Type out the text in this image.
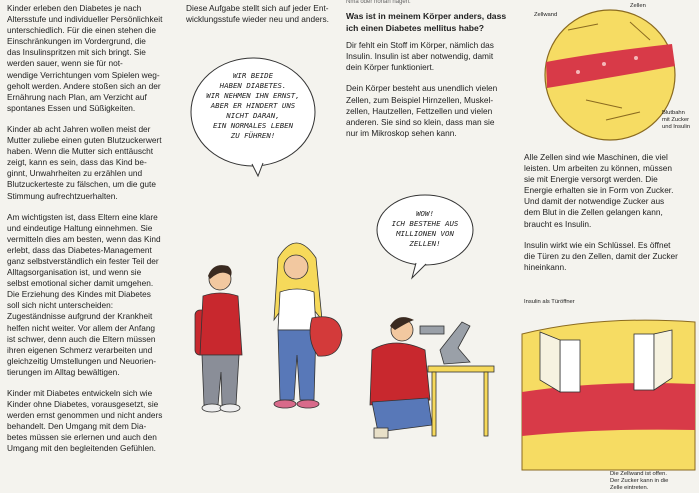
Kinder erleben den Diabetes je nach
Altersstufe und individueller Persönlichkeit
unterschiedlich. Für die einen stehen die
Einschränkungen im Vordergrund, die
das Insulinspritzen mit sich bringt. Sie
werden sauer, wenn sie für not-
wendige Verrichtungen vom Spielen weg-
geholt werden. Andere stoßen sich an der
Ernährung nach Plan, am Verzicht auf
spontanes Essen und Süßigkeiten.

Kinder ab acht Jahren wollen meist der
Mutter zuliebe einen guten Blutzuckerwert
haben. Wenn die Mutter sich enttäuscht
zeigt, kann es sein, dass das Kind be-
ginnt, Unwahrheiten zu erzählen und
Blutzuckerteste zu fälschen, um die gute
Stimmung aufrechtzuerhalten.

Am wichtigsten ist, dass Eltern eine klare
und eindeutige Haltung einnehmen. Sie
vermitteln dies am besten, wenn das Kind
erlebt, dass das Diabetes-Management
ganz selbstverständlich ein fester Teil der
Alltagsorganisation ist, und wenn sie
selbst emotional sicher damit umgehen.
Die Erziehung des Kindes mit Diabetes
soll sich nicht unterscheiden:
Zugeständnisse aufgrund der Krankheit
helfen nicht weiter. Vor allem der Anfang
ist schwer, denn auch die Eltern müssen
ihren eigenen Schmerz verarbeiten und
gleichzeitig Umstellungen und Neuorien-
tierungen im Alltag bewältigen.

Kinder mit Diabetes entwickeln sich wie
Kinder ohne Diabetes, vorausgesetzt, sie
werden ernst genommen und nicht anders
behandelt. Den Umgang mit dem Dia-
betes müssen sie erlernen und auch den
Umgang mit den begleitenden Gefühlen.

Diese Aufgabe stellt sich auf jeder Ent-
wicklungsstufe wieder neu und anders.

Nma oder nonan nagen.
Was ist in meinem Körper anders, dass
ich einen Diabetes mellitus habe?

Dir fehlt ein Stoff im Körper, nämlich das
Insulin. Insulin ist aber notwendig, damit
dein Körper funktioniert.

Dein Körper besteht aus unendlich vielen
Zellen, zum Beispiel Hirnzellen, Muskel-
zellen, Hautzellen, Fettzellen und vielen
anderen. Sie sind so klein, dass man sie
nur im Mikroskop sehen kann.

Alle Zellen sind wie Maschinen, die viel
leisten. Um arbeiten zu können, müssen
sie mit Energie versorgt werden. Die
Energie erhalten sie in Form von Zucker.
Und damit der notwendige Zucker aus
dem Blut in die Zellen gelangen kann,
braucht es Insulin.

Insulin wirkt wie ein Schlüssel. Es öffnet
die Türen zu den Zellen, damit der Zucker
hineinkann.

WIR BEIDE
HABEN DIABETES.
WIR NEHMEN IHN ERNST,
ABER ER HINDERT UNS
NICHT DARAN,
EIN NORMALES LEBEN
ZU FÜHREN!
WOW!
ICH BESTEHE AUS
MILLIONEN VON
ZELLEN!
Zellwand
Zellen
Blutbahn
mit Zucker
und Insulin
Insulin als Türöffner
Die Zellwand ist offen.
Der Zucker kann in die
Zelle eintreten.
